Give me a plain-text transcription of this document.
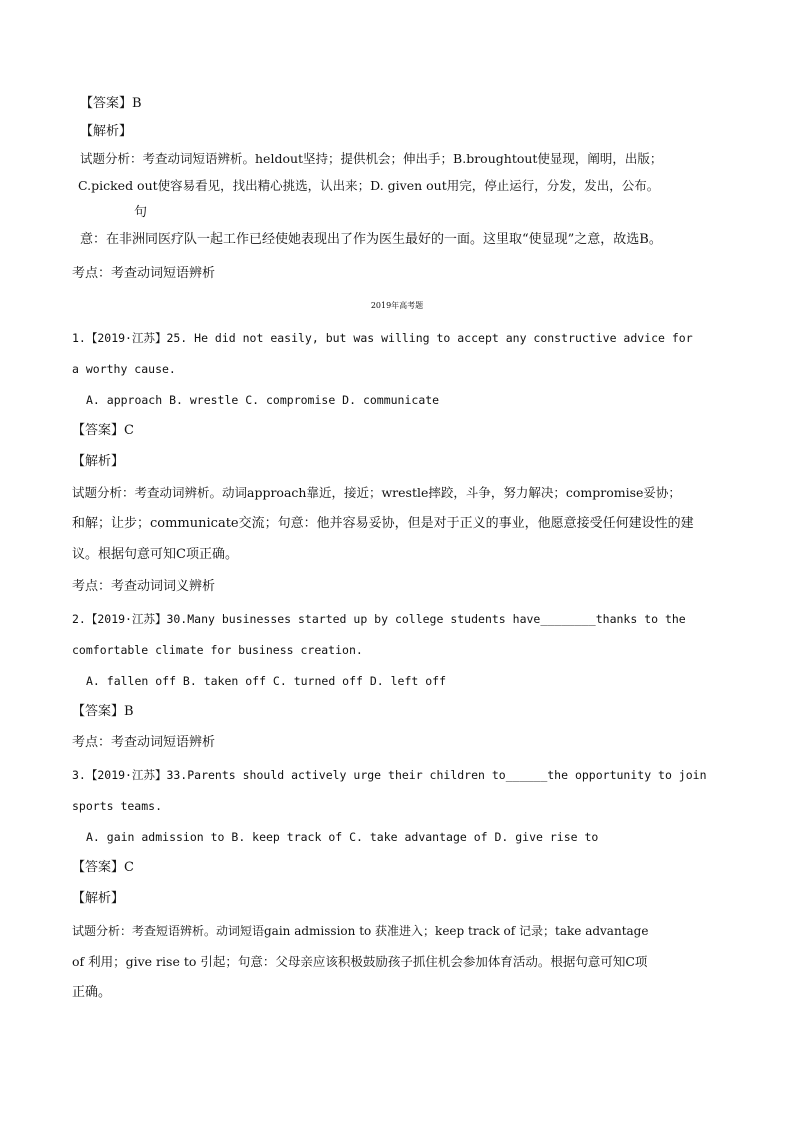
【答案】B
【解析】
试题分析：考查动词短语辨析。heldout坚持；提供机会；伸出手；B.broughtout使显现，阐明，出版；
C.picked out使容易看见，找出精心挑选，认出来；D. given out用完，停止运行，分发，发出，公布。
句
意：在非洲同医疗队一起工作已经使她表现出了作为医生最好的一面。这里取“使显现”之意，故选B。
考点：考查动词短语辨析
2019年高考题
1.【2019·江苏】25. He did not easily, but was willing to accept any constructive advice for
a worthy cause.
A. approach B. wrestle C. compromise D. communicate
【答案】C
【解析】
试题分析：考查动词辨析。动词approach靠近，接近；wrestle摔跤，斗争，努力解决；compromise妥协；
和解；让步；communicate交流；句意：他并容易妥协，但是对于正义的事业，他愿意接受任何建设性的建
议。根据句意可知C项正确。
考点：考查动词词义辨析
2.【2019·江苏】30.Many businesses started up by college students have________thanks to the
comfortable climate for business creation.
A. fallen off B. taken off C. turned off D. left off
【答案】B
考点：考查动词短语辨析
3.【2019·江苏】33.Parents should actively urge their children to______the opportunity to join
sports teams.
A. gain admission to B. keep track of C. take advantage of D. give rise to
【答案】C
【解析】
试题分析：考查短语辨析。动词短语gain admission to 获准进入；keep track of 记录；take advantage
of 利用；give rise to 引起；句意：父母亲应该积极鼓励孩子抓住机会参加体育活动。根据句意可知C项
正确。
